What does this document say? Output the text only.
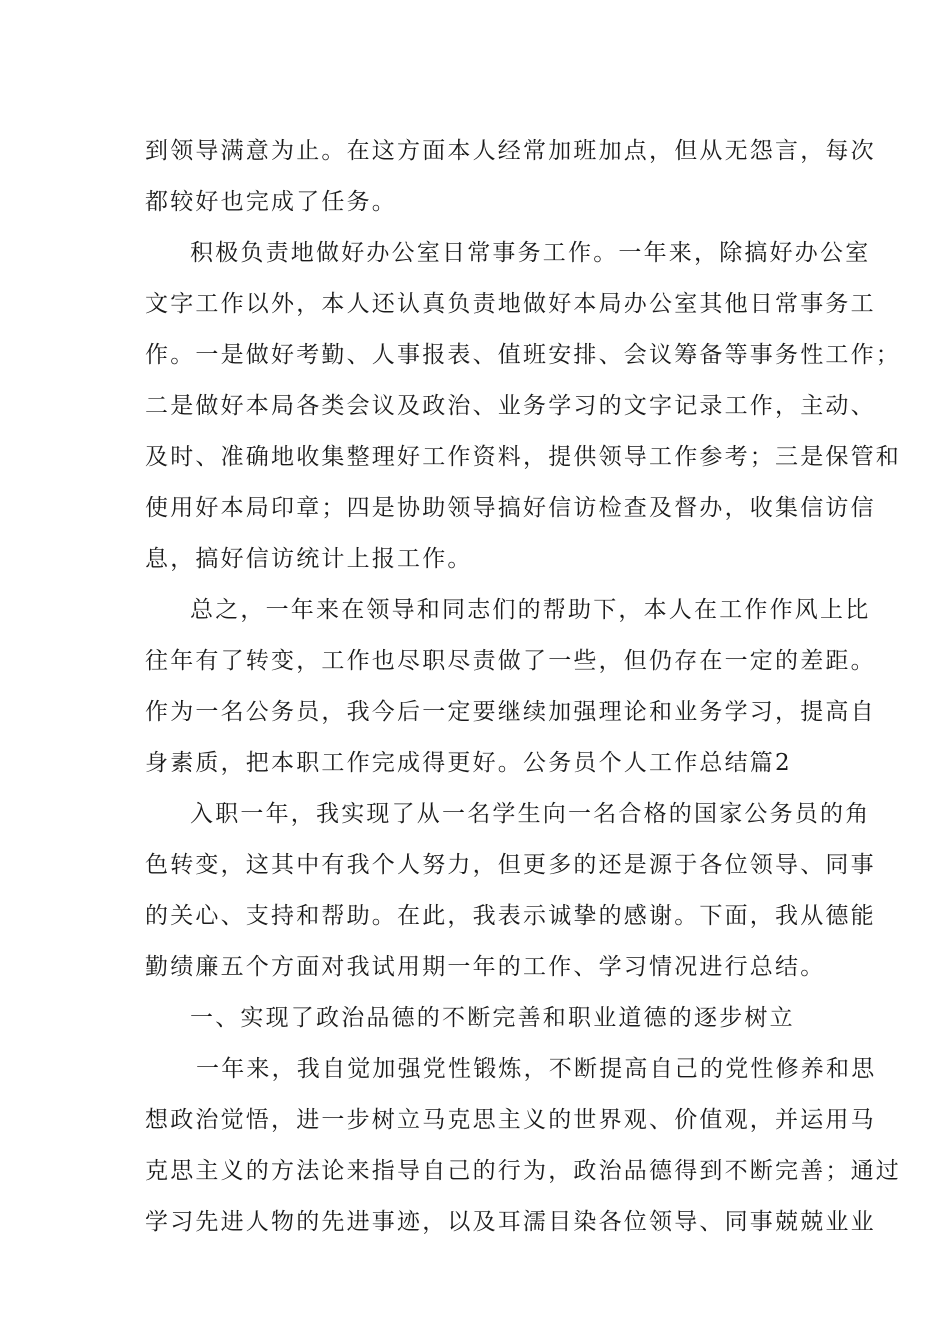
到领导满意为止。在这方面本人经常加班加点，但从无怨言，每次
都较好也完成了任务。
积极负责地做好办公室日常事务工作。一年来，除搞好办公室
文字工作以外，本人还认真负责地做好本局办公室其他日常事务工
作。一是做好考勤、人事报表、值班安排、会议筹备等事务性工作；
二是做好本局各类会议及政治、业务学习的文字记录工作，主动、
及时、准确地收集整理好工作资料，提供领导工作参考；三是保管和
使用好本局印章；四是协助领导搞好信访检查及督办，收集信访信
息，搞好信访统计上报工作。
总之，一年来在领导和同志们的帮助下，本人在工作作风上比
往年有了转变，工作也尽职尽责做了一些，但仍存在一定的差距。
作为一名公务员，我今后一定要继续加强理论和业务学习，提高自
身素质，把本职工作完成得更好。公务员个人工作总结篇2
入职一年，我实现了从一名学生向一名合格的国家公务员的角
色转变，这其中有我个人努力，但更多的还是源于各位领导、同事
的关心、支持和帮助。在此，我表示诚挚的感谢。下面，我从德能
勤绩廉五个方面对我试用期一年的工作、学习情况进行总结。
一、实现了政治品德的不断完善和职业道德的逐步树立
一年来，我自觉加强党性锻炼，不断提高自己的党性修养和思
想政治觉悟，进一步树立马克思主义的世界观、价值观，并运用马
克思主义的方法论来指导自己的行为，政治品德得到不断完善；通过
学习先进人物的先进事迹，以及耳濡目染各位领导、同事兢兢业业
